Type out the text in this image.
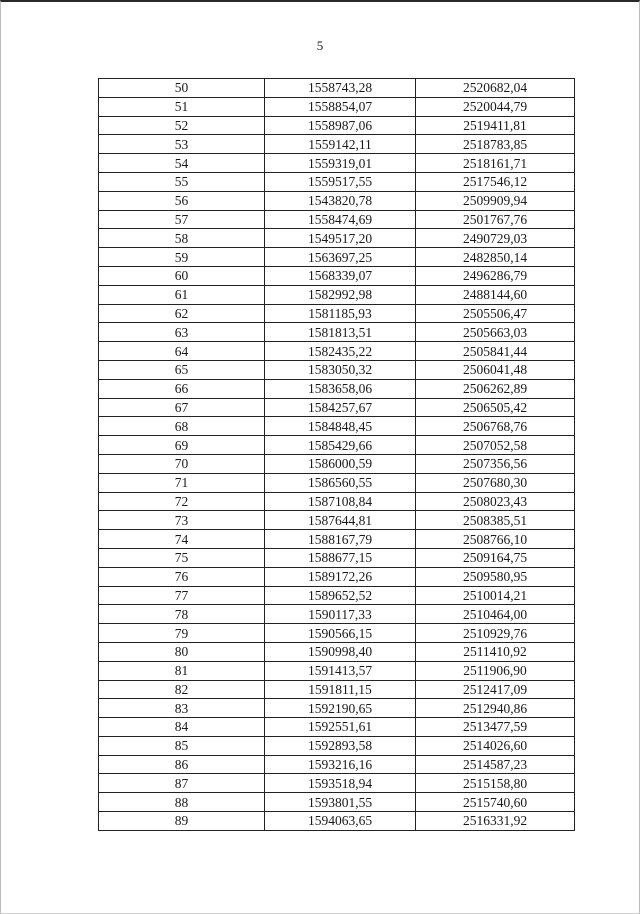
5
50	1558743,28	2520682,04
51	1558854,07	2520044,79
52	1558987,06	2519411,81
53	1559142,11	2518783,85
54	1559319,01	2518161,71
55	1559517,55	2517546,12
56	1543820,78	2509909,94
57	1558474,69	2501767,76
58	1549517,20	2490729,03
59	1563697,25	2482850,14
60	1568339,07	2496286,79
61	1582992,98	2488144,60
62	1581185,93	2505506,47
63	1581813,51	2505663,03
64	1582435,22	2505841,44
65	1583050,32	2506041,48
66	1583658,06	2506262,89
67	1584257,67	2506505,42
68	1584848,45	2506768,76
69	1585429,66	2507052,58
70	1586000,59	2507356,56
71	1586560,55	2507680,30
72	1587108,84	2508023,43
73	1587644,81	2508385,51
74	1588167,79	2508766,10
75	1588677,15	2509164,75
76	1589172,26	2509580,95
77	1589652,52	2510014,21
78	1590117,33	2510464,00
79	1590566,15	2510929,76
80	1590998,40	2511410,92
81	1591413,57	2511906,90
82	1591811,15	2512417,09
83	1592190,65	2512940,86
84	1592551,61	2513477,59
85	1592893,58	2514026,60
86	1593216,16	2514587,23
87	1593518,94	2515158,80
88	1593801,55	2515740,60
89	1594063,65	2516331,92
